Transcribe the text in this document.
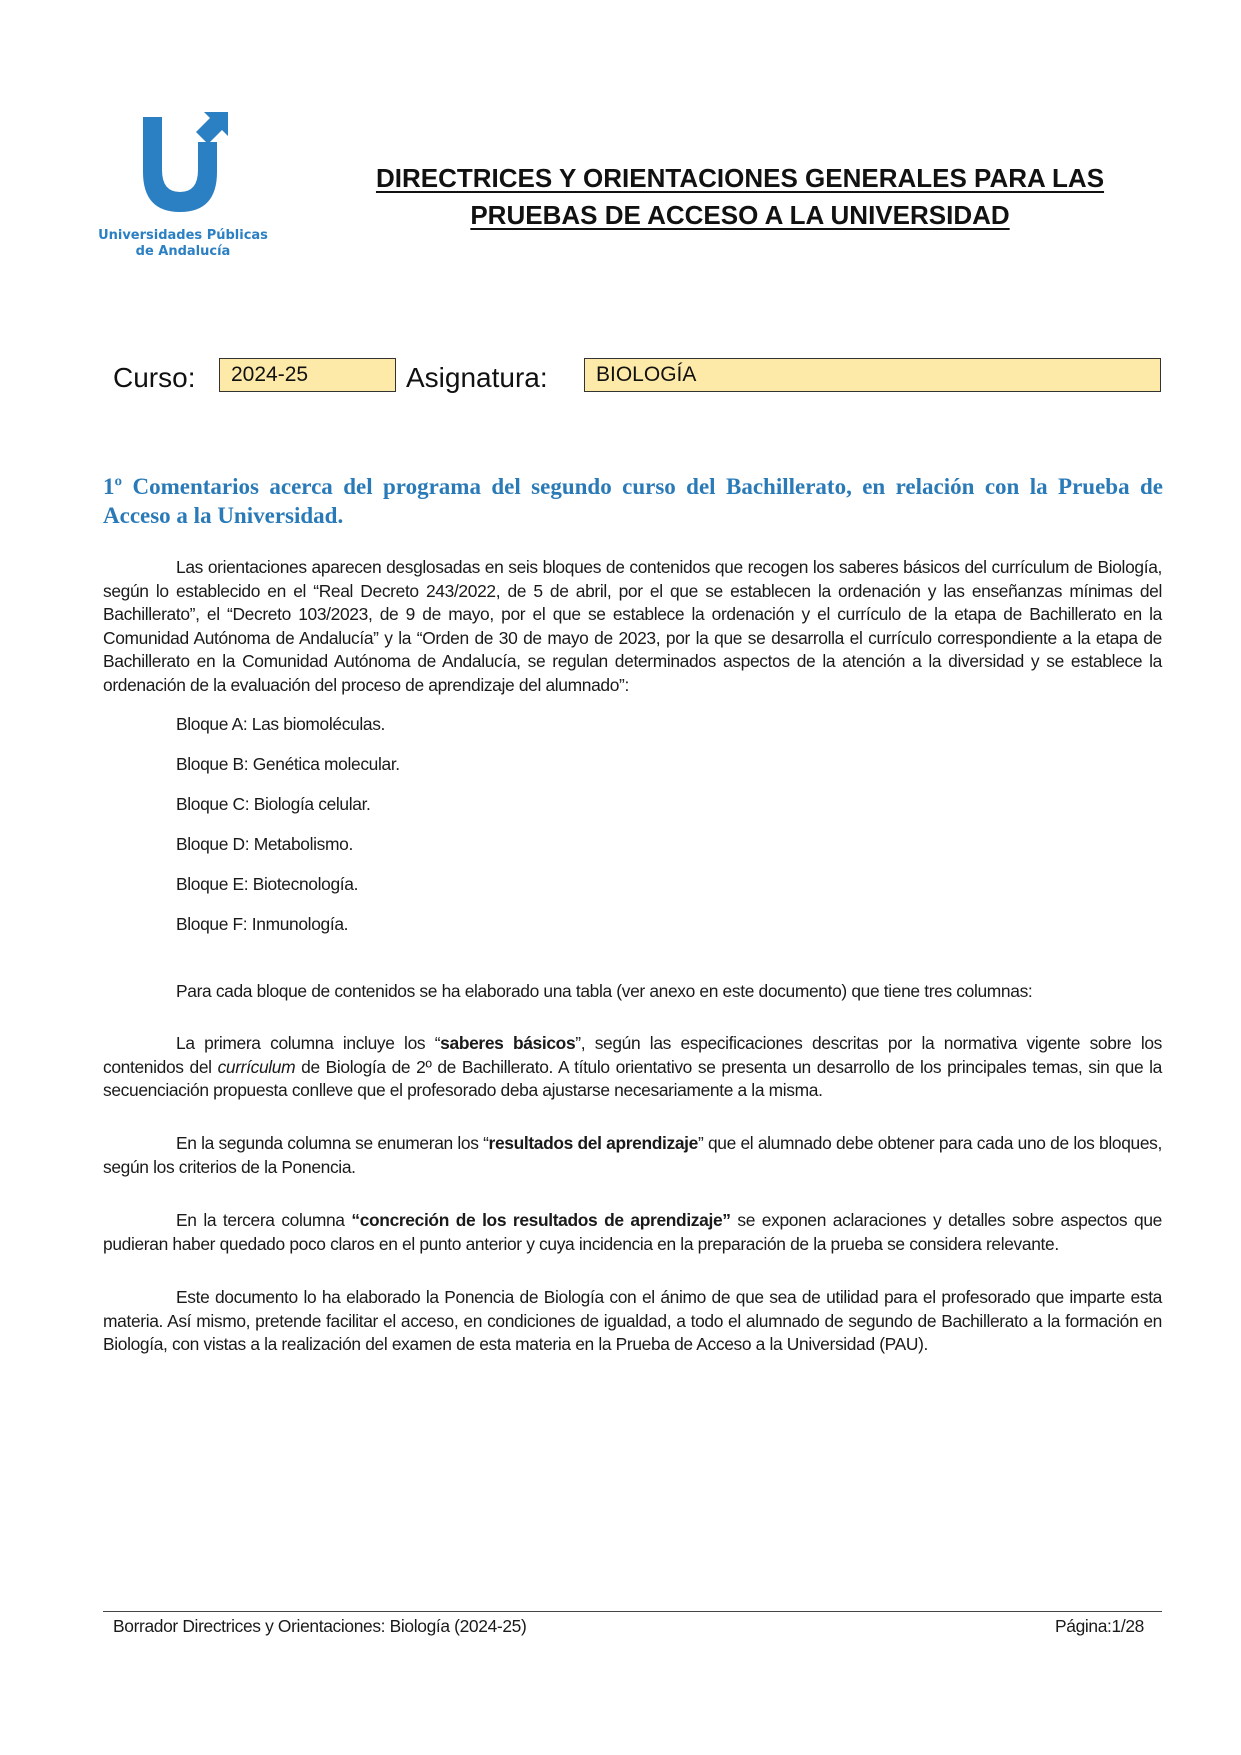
Universidades Públicas
de Andalucía
DIRECTRICES Y ORIENTACIONES GENERALES PARA LAS
PRUEBAS DE ACCESO A LA UNIVERSIDAD
Curso:	2024-25	Asignatura:	BIOLOGÍA
1º Comentarios acerca del programa del segundo curso del Bachillerato, en relación con la Prueba de Acceso a la Universidad.

Las orientaciones aparecen desglosadas en seis bloques de contenidos que recogen los saberes básicos del currículum de Biología, según lo establecido en el “Real Decreto 243/2022, de 5 de abril, por el que se establecen la ordenación y las enseñanzas mínimas del Bachillerato”, el “Decreto 103/2023, de 9 de mayo, por el que se establece la ordenación y el currículo de la etapa de Bachillerato en la Comunidad Autónoma de Andalucía” y la “Orden de 30 de mayo de 2023, por la que se desarrolla el currículo correspondiente a la etapa de Bachillerato en la Comunidad Autónoma de Andalucía, se regulan determinados aspectos de la atención a la diversidad y se establece la ordenación de la evaluación del proceso de aprendizaje del alumnado”:

Bloque A: Las biomoléculas.
Bloque B: Genética molecular.
Bloque C: Biología celular.
Bloque D: Metabolismo.
Bloque E: Biotecnología.
Bloque F: Inmunología.

Para cada bloque de contenidos se ha elaborado una tabla (ver anexo en este documento) que tiene tres columnas:

La primera columna incluye los “saberes básicos”, según las especificaciones descritas por la normativa vigente sobre los contenidos del currículum de Biología de 2º de Bachillerato. A título orientativo se presenta un desarrollo de los principales temas, sin que la secuenciación propuesta conlleve que el profesorado deba ajustarse necesariamente a la misma.

En la segunda columna se enumeran los “resultados del aprendizaje” que el alumnado debe obtener para cada uno de los bloques, según los criterios de la Ponencia.

En la tercera columna “concreción de los resultados de aprendizaje” se exponen aclaraciones y detalles sobre aspectos que pudieran haber quedado poco claros en el punto anterior y cuya incidencia en la preparación de la prueba se considera relevante.

Este documento lo ha elaborado la Ponencia de Biología con el ánimo de que sea de utilidad para el profesorado que imparte esta materia. Así mismo, pretende facilitar el acceso, en condiciones de igualdad, a todo el alumnado de segundo de Bachillerato a la formación en Biología, con vistas a la realización del examen de esta materia en la Prueba de Acceso a la Universidad (PAU).

Borrador Directrices y Orientaciones: Biología (2024-25)	Página:1/28
